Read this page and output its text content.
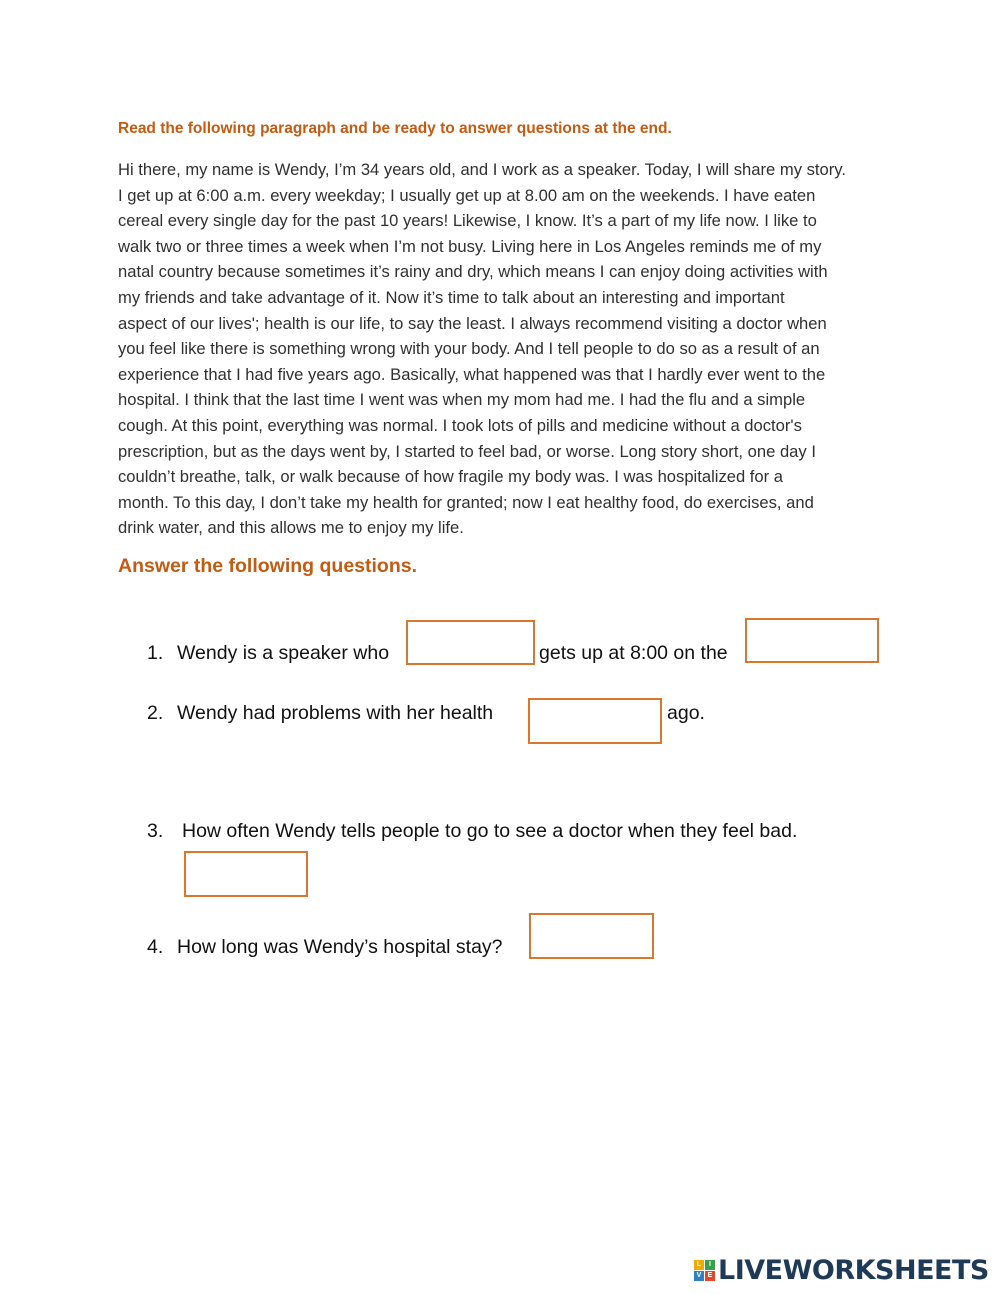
Read the following paragraph and be ready to answer questions at the end.
Hi there, my name is Wendy, I’m 34 years old, and I work as a speaker. Today, I will share my story.
I get up at 6:00 a.m. every weekday; I usually get up at 8.00 am on the weekends. I have eaten
cereal every single day for the past 10 years! Likewise, I know. It’s a part of my life now. I like to
walk two or three times a week when I’m not busy. Living here in Los Angeles reminds me of my
natal country because sometimes it’s rainy and dry, which means I can enjoy doing activities with
my friends and take advantage of it. Now it’s time to talk about an interesting and important
aspect of our lives'; health is our life, to say the least. I always recommend visiting a doctor when
you feel like there is something wrong with your body. And I tell people to do so as a result of an
experience that I had five years ago. Basically, what happened was that I hardly ever went to the
hospital. I think that the last time I went was when my mom had me. I had the flu and a simple
cough. At this point, everything was normal. I took lots of pills and medicine without a doctor's
prescription, but as the days went by, I started to feel bad, or worse. Long story short, one day I
couldn’t breathe, talk, or walk because of how fragile my body was. I was hospitalized for a
month. To this day, I don’t take my health for granted; now I eat healthy food, do exercises, and
drink water, and this allows me to enjoy my life.
Answer the following questions.
1. Wendy is a speaker who	gets up at 8:00 on the
2. Wendy had problems with her health	ago.
3. How often Wendy tells people to go to see a doctor when they feel bad.
4. How long was Wendy’s hospital stay?
L	I
V E LIVEWORKSHEETS
